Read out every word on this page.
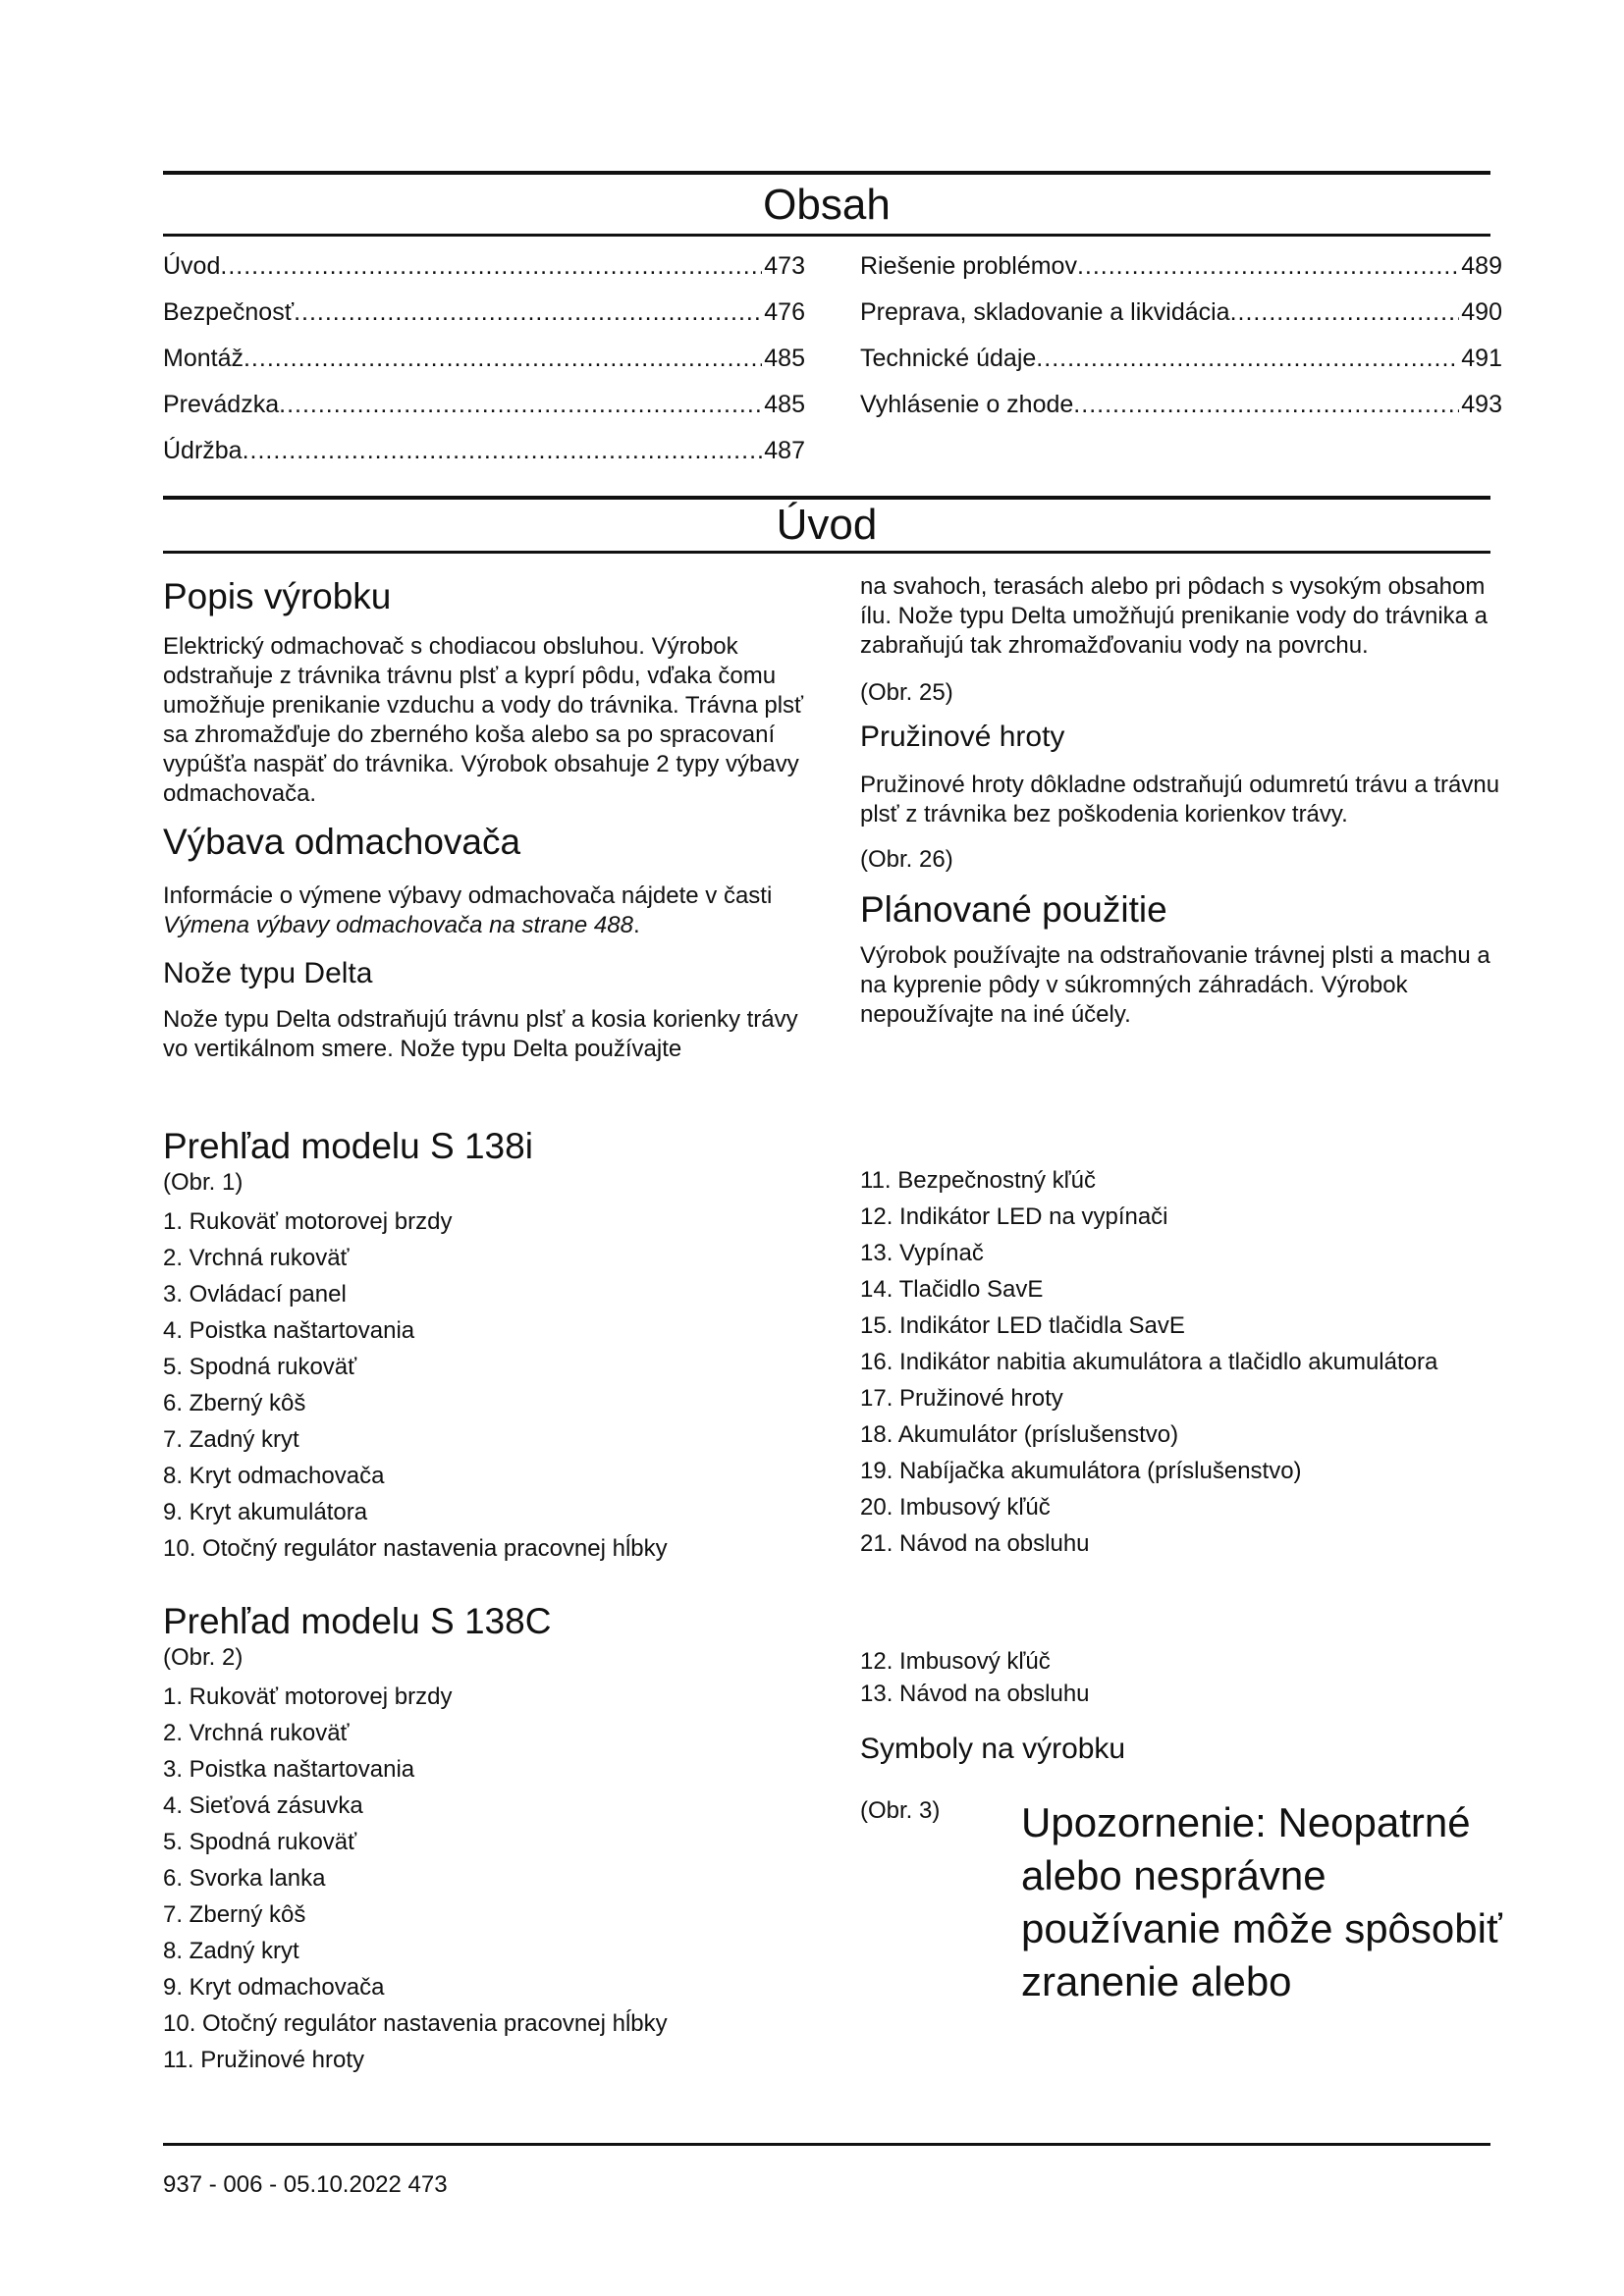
Obsah
Úvod .....	473
Bezpečnosť .....	476
Montáž .....	485
Prevádzka .....	485
Údržba .....	487
Riešenie problémov .....	489
Preprava, skladovanie a likvidácia .....	490
Technické údaje .....	491
Vyhlásenie o zhode .....	493
Úvod
Popis výrobku

Elektrický odmachovač s chodiacou obsluhou. Výrobok odstraňuje z trávnika trávnu plsť a kyprí pôdu, vďaka čomu umožňuje prenikanie vzduchu a vody do trávnika. Trávna plsť sa zhromažďuje do zberného koša alebo sa po spracovaní vypúšťa naspäť do trávnika. Výrobok obsahuje 2 typy výbavy odmachovača.

Výbava odmachovača

Informácie o výmene výbavy odmachovača nájdete v časti Výmena výbavy odmachovača na strane 488.

Nože typu Delta

Nože typu Delta odstraňujú trávnu plsť a kosia korienky trávy vo vertikálnom smere. Nože typu Delta používajte

na svahoch, terasách alebo pri pôdach s vysokým obsahom ílu. Nože typu Delta umožňujú prenikanie vody do trávnika a zabraňujú tak zhromažďovaniu vody na povrchu.

(Obr. 25)

Pružinové hroty

Pružinové hroty dôkladne odstraňujú odumretú trávu a trávnu plsť z trávnika bez poškodenia korienkov trávy.

(Obr. 26)

Plánované použitie

Výrobok používajte na odstraňovanie trávnej plsti a machu a na kyprenie pôdy v súkromných záhradách. Výrobok nepoužívajte na iné účely.

Prehľad modelu S 138i

(Obr. 1)

1. Rukoväť motorovej brzdy
2. Vrchná rukoväť
3. Ovládací panel
4. Poistka naštartovania
5. Spodná rukoväť
6. Zberný kôš
7. Zadný kryt
8. Kryt odmachovača
9. Kryt akumulátora
10. Otočný regulátor nastavenia pracovnej hĺbky
11. Bezpečnostný kľúč
12. Indikátor LED na vypínači
13. Vypínač
14. Tlačidlo SavE
15. Indikátor LED tlačidla SavE
16. Indikátor nabitia akumulátora a tlačidlo akumulátora
17. Pružinové hroty
18. Akumulátor (príslušenstvo)
19. Nabíjačka akumulátora (príslušenstvo)
20. Imbusový kľúč
21. Návod na obsluhu
Prehľad modelu S 138C

(Obr. 2)

1. Rukoväť motorovej brzdy
2. Vrchná rukoväť
3. Poistka naštartovania
4. Sieťová zásuvka
5. Spodná rukoväť
6. Svorka lanka
7. Zberný kôš
8. Zadný kryt
9. Kryt odmachovača
10. Otočný regulátor nastavenia pracovnej hĺbky
11. Pružinové hroty
12. Imbusový kľúč
13. Návod na obsluhu
Symboly na výrobku

(Obr. 3)	Upozornenie: Neopatrné alebo nesprávne používanie môže spôsobiť zranenie alebo
937 - 006 - 05.10.2022 473
